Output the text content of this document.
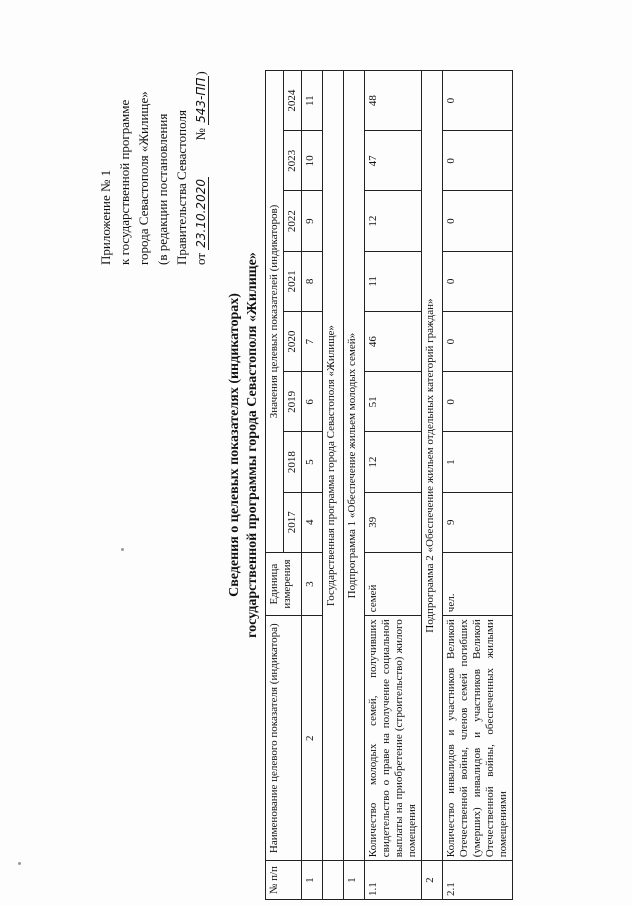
Приложение № 1 к государственной программе города Севастополя «Жилище» (в редакции постановления Правительства Севастополя от 23.10.2020  № 543-ПП)
Сведения о целевых показателях (индикаторах) государственной программы города Севастополя «Жилище»
№ п/п	Наименование целевого показателя (индикатора)	Единица измерения	Значения целевых показателей (индикаторов)							
			2017	2018	2019	2020	2021	2022	2023	2024
1	2	3	4	5	6	7	8	9	10	11
	Государственная программа города Севастополя «Жилище»									
1	Подпрограмма 1 «Обеспечение жильем молодых семей»									
1.1	Количество молодых семей, получивших свидетельство о праве на получение социальной выплаты на приобретение (строительство) жилого помещения	семей	39	12	51	46	11	12	47	48
2	Подпрограмма 2 «Обеспечение жильем отдельных категорий граждан»									
2.1	Количество инвалидов и участников Великой Отечественной войны, членов семей погибших (умерших) инвалидов и участников Великой Отечественной войны, обеспеченных жилыми помещениями	чел.	9	1	0	0	0	0	0	0
